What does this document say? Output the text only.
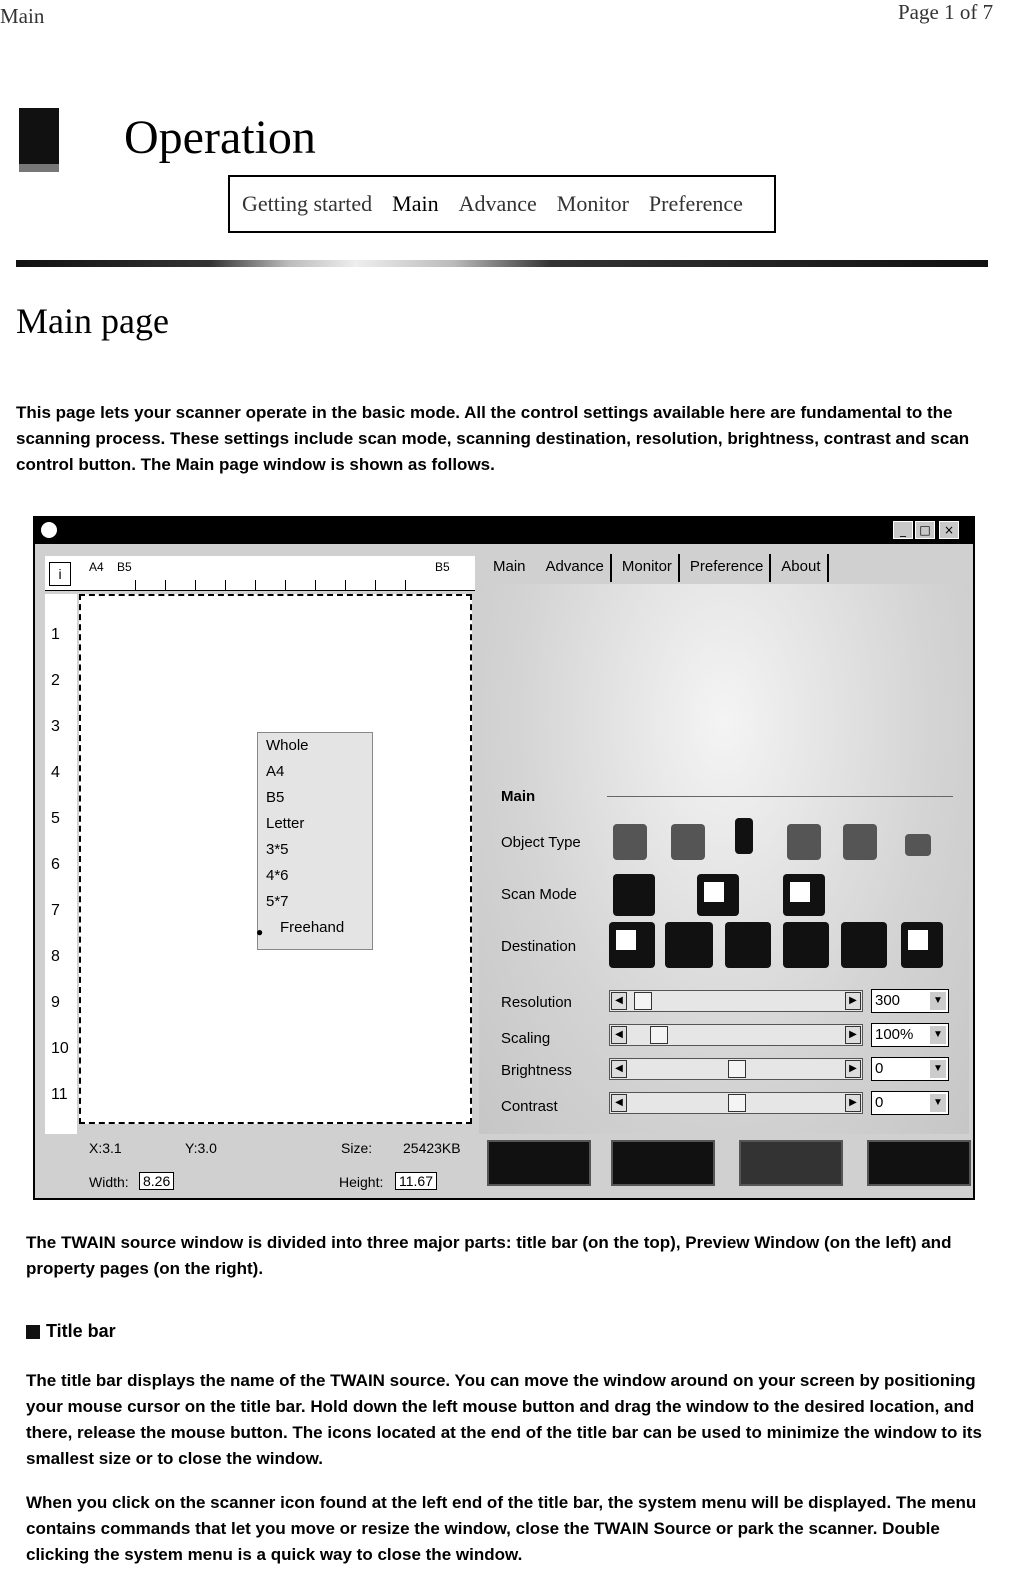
Main	Page 1 of 7
Operation
Getting started Main Advance Monitor Preference
Main page
This page lets your scanner operate in the basic mode. All the control settings available here are fundamental to the scanning process. These settings include scan mode, scanning destination, resolution, brightness, contrast and scan control button. The Main page window is shown as follows.
_	□	×
A4 B5	B5
i
1
2
3
4
5
6
7
8
9
10
11
Whole
A4
B5
Letter
3*5
4*6
5*7
● Freehand
X:3.1	Y:3.0	Size: 25423KB
Width: 8.26	Height: 11.67
Main	Advance	Monitor	Preference	About
Main
Object Type
Scan Mode
Destination
Resolution	◀	▶ 300 ▼
Scaling	◀	▶ 100% ▼
Brightness	◀	▶ 0 ▼
Contrast	◀	▶ 0 ▼
The TWAIN source window is divided into three major parts: title bar (on the top), Preview Window (on the left) and property pages (on the right).
Title bar
The title bar displays the name of the TWAIN source. You can move the window around on your screen by positioning your mouse cursor on the title bar. Hold down the left mouse button and drag the window to the desired location, and there, release the mouse button. The icons located at the end of the title bar can be used to minimize the window to its smallest size or to close the window.
When you click on the scanner icon found at the left end of the title bar, the system menu will be displayed. The menu contains commands that let you move or resize the window, close the TWAIN Source or park the scanner. Double clicking the system menu is a quick way to close the window.
